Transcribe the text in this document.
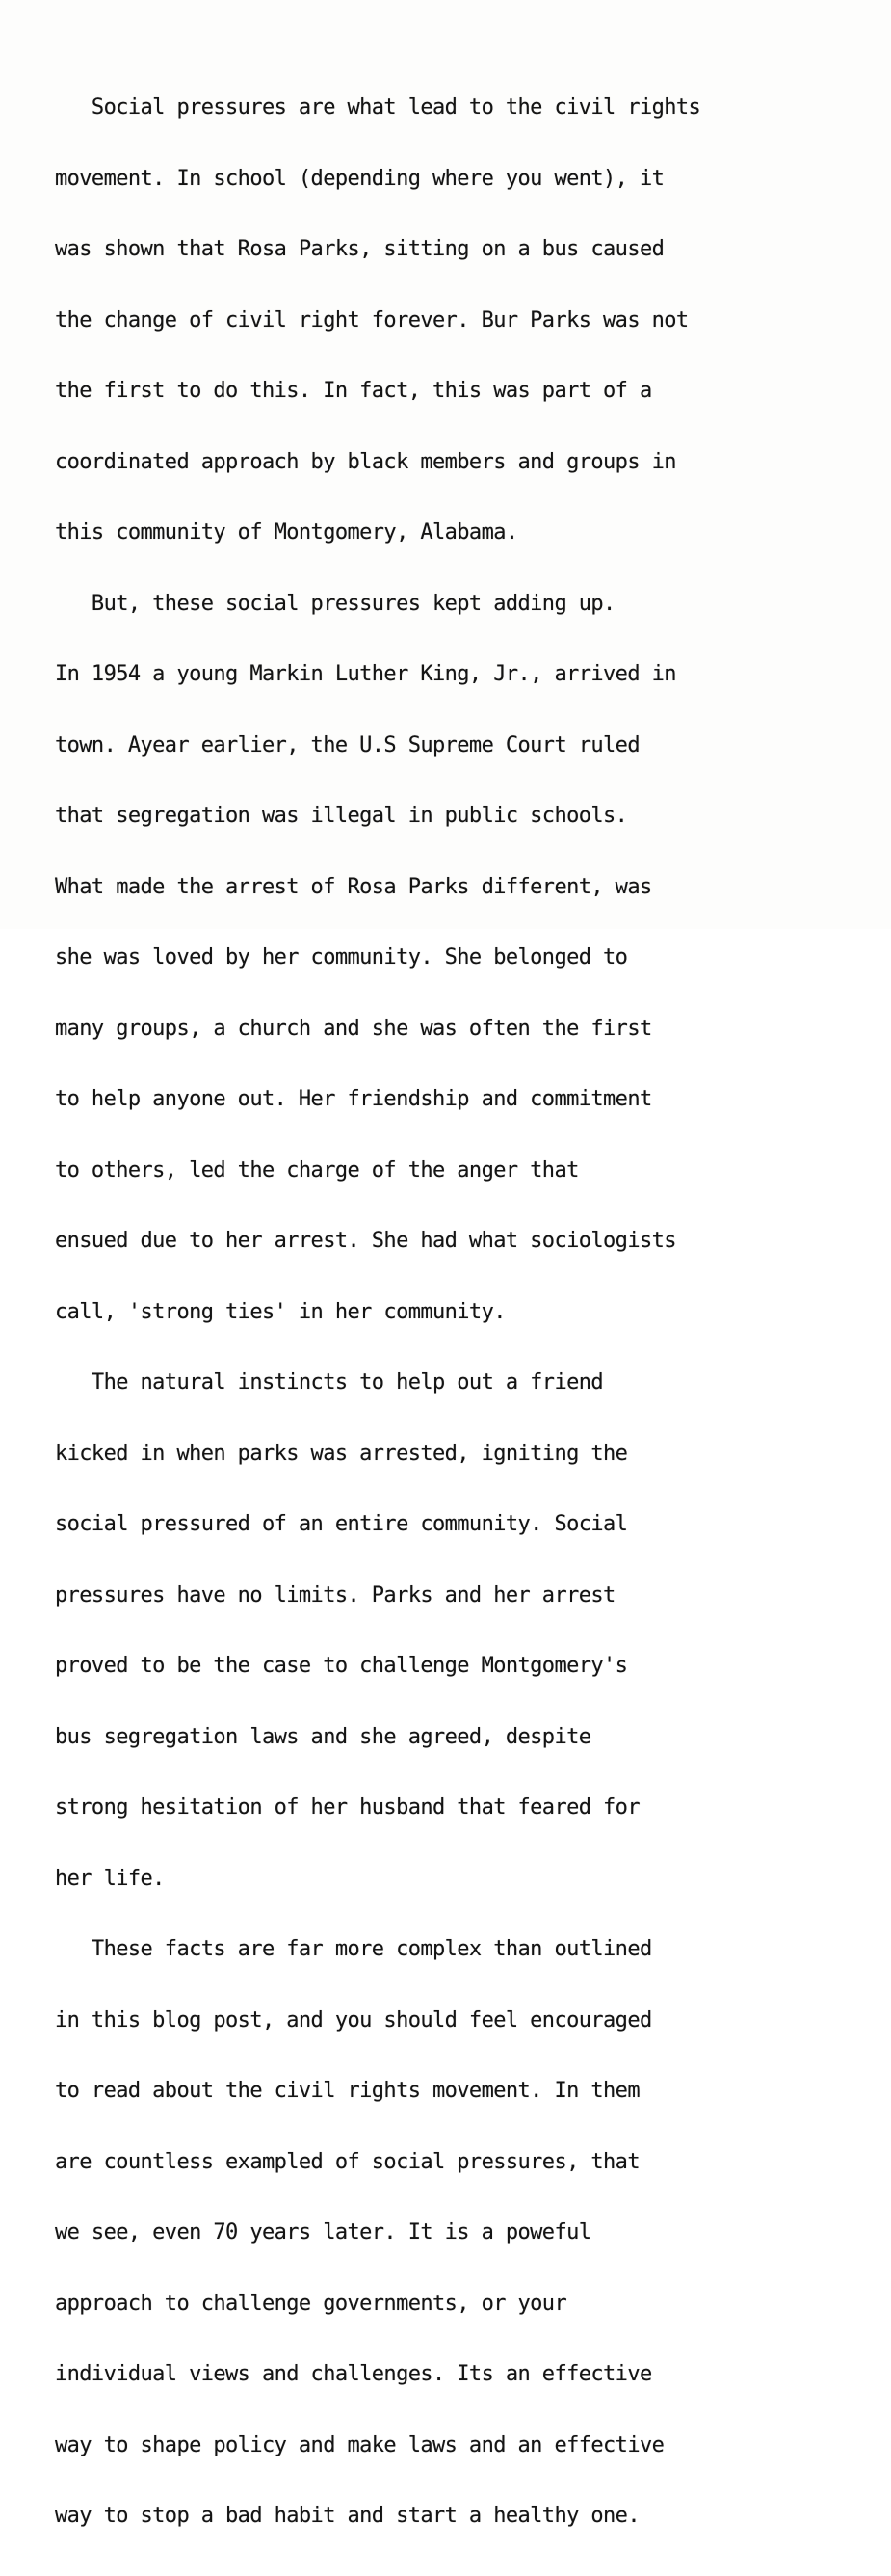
Social pressures are what lead to the civil rights

movement. In school (depending where you went), it

was shown that Rosa Parks, sitting on a bus caused

the change of civil right forever. Bur Parks was not

the first to do this. In fact, this was part of a

coordinated approach by black members and groups in

this community of Montgomery, Alabama.

But, these social pressures kept adding up.

In 1954 a young Markin Luther King, Jr., arrived in

town. Ayear earlier, the U.S Supreme Court ruled

that segregation was illegal in public schools.

What made the arrest of Rosa Parks different, was

she was loved by her community. She belonged to

many groups, a church and she was often the first

to help anyone out. Her friendship and commitment

to others, led the charge of the anger that

ensued due to her arrest. She had what sociologists

call, 'strong ties' in her community.

The natural instincts to help out a friend

kicked in when parks was arrested, igniting the

social pressured of an entire community. Social

pressures have no limits. Parks and her arrest

proved to be the case to challenge Montgomery's

bus segregation laws and she agreed, despite

strong hesitation of her husband that feared for

her life.

These facts are far more complex than outlined

in this blog post, and you should feel encouraged

to read about the civil rights movement. In them

are countless exampled of social pressures, that

we see, even 70 years later. It is a poweful

approach to challenge governments, or your

individual views and challenges. Its an effective

way to shape policy and make laws and an effective

way to stop a bad habit and start a healthy one.
